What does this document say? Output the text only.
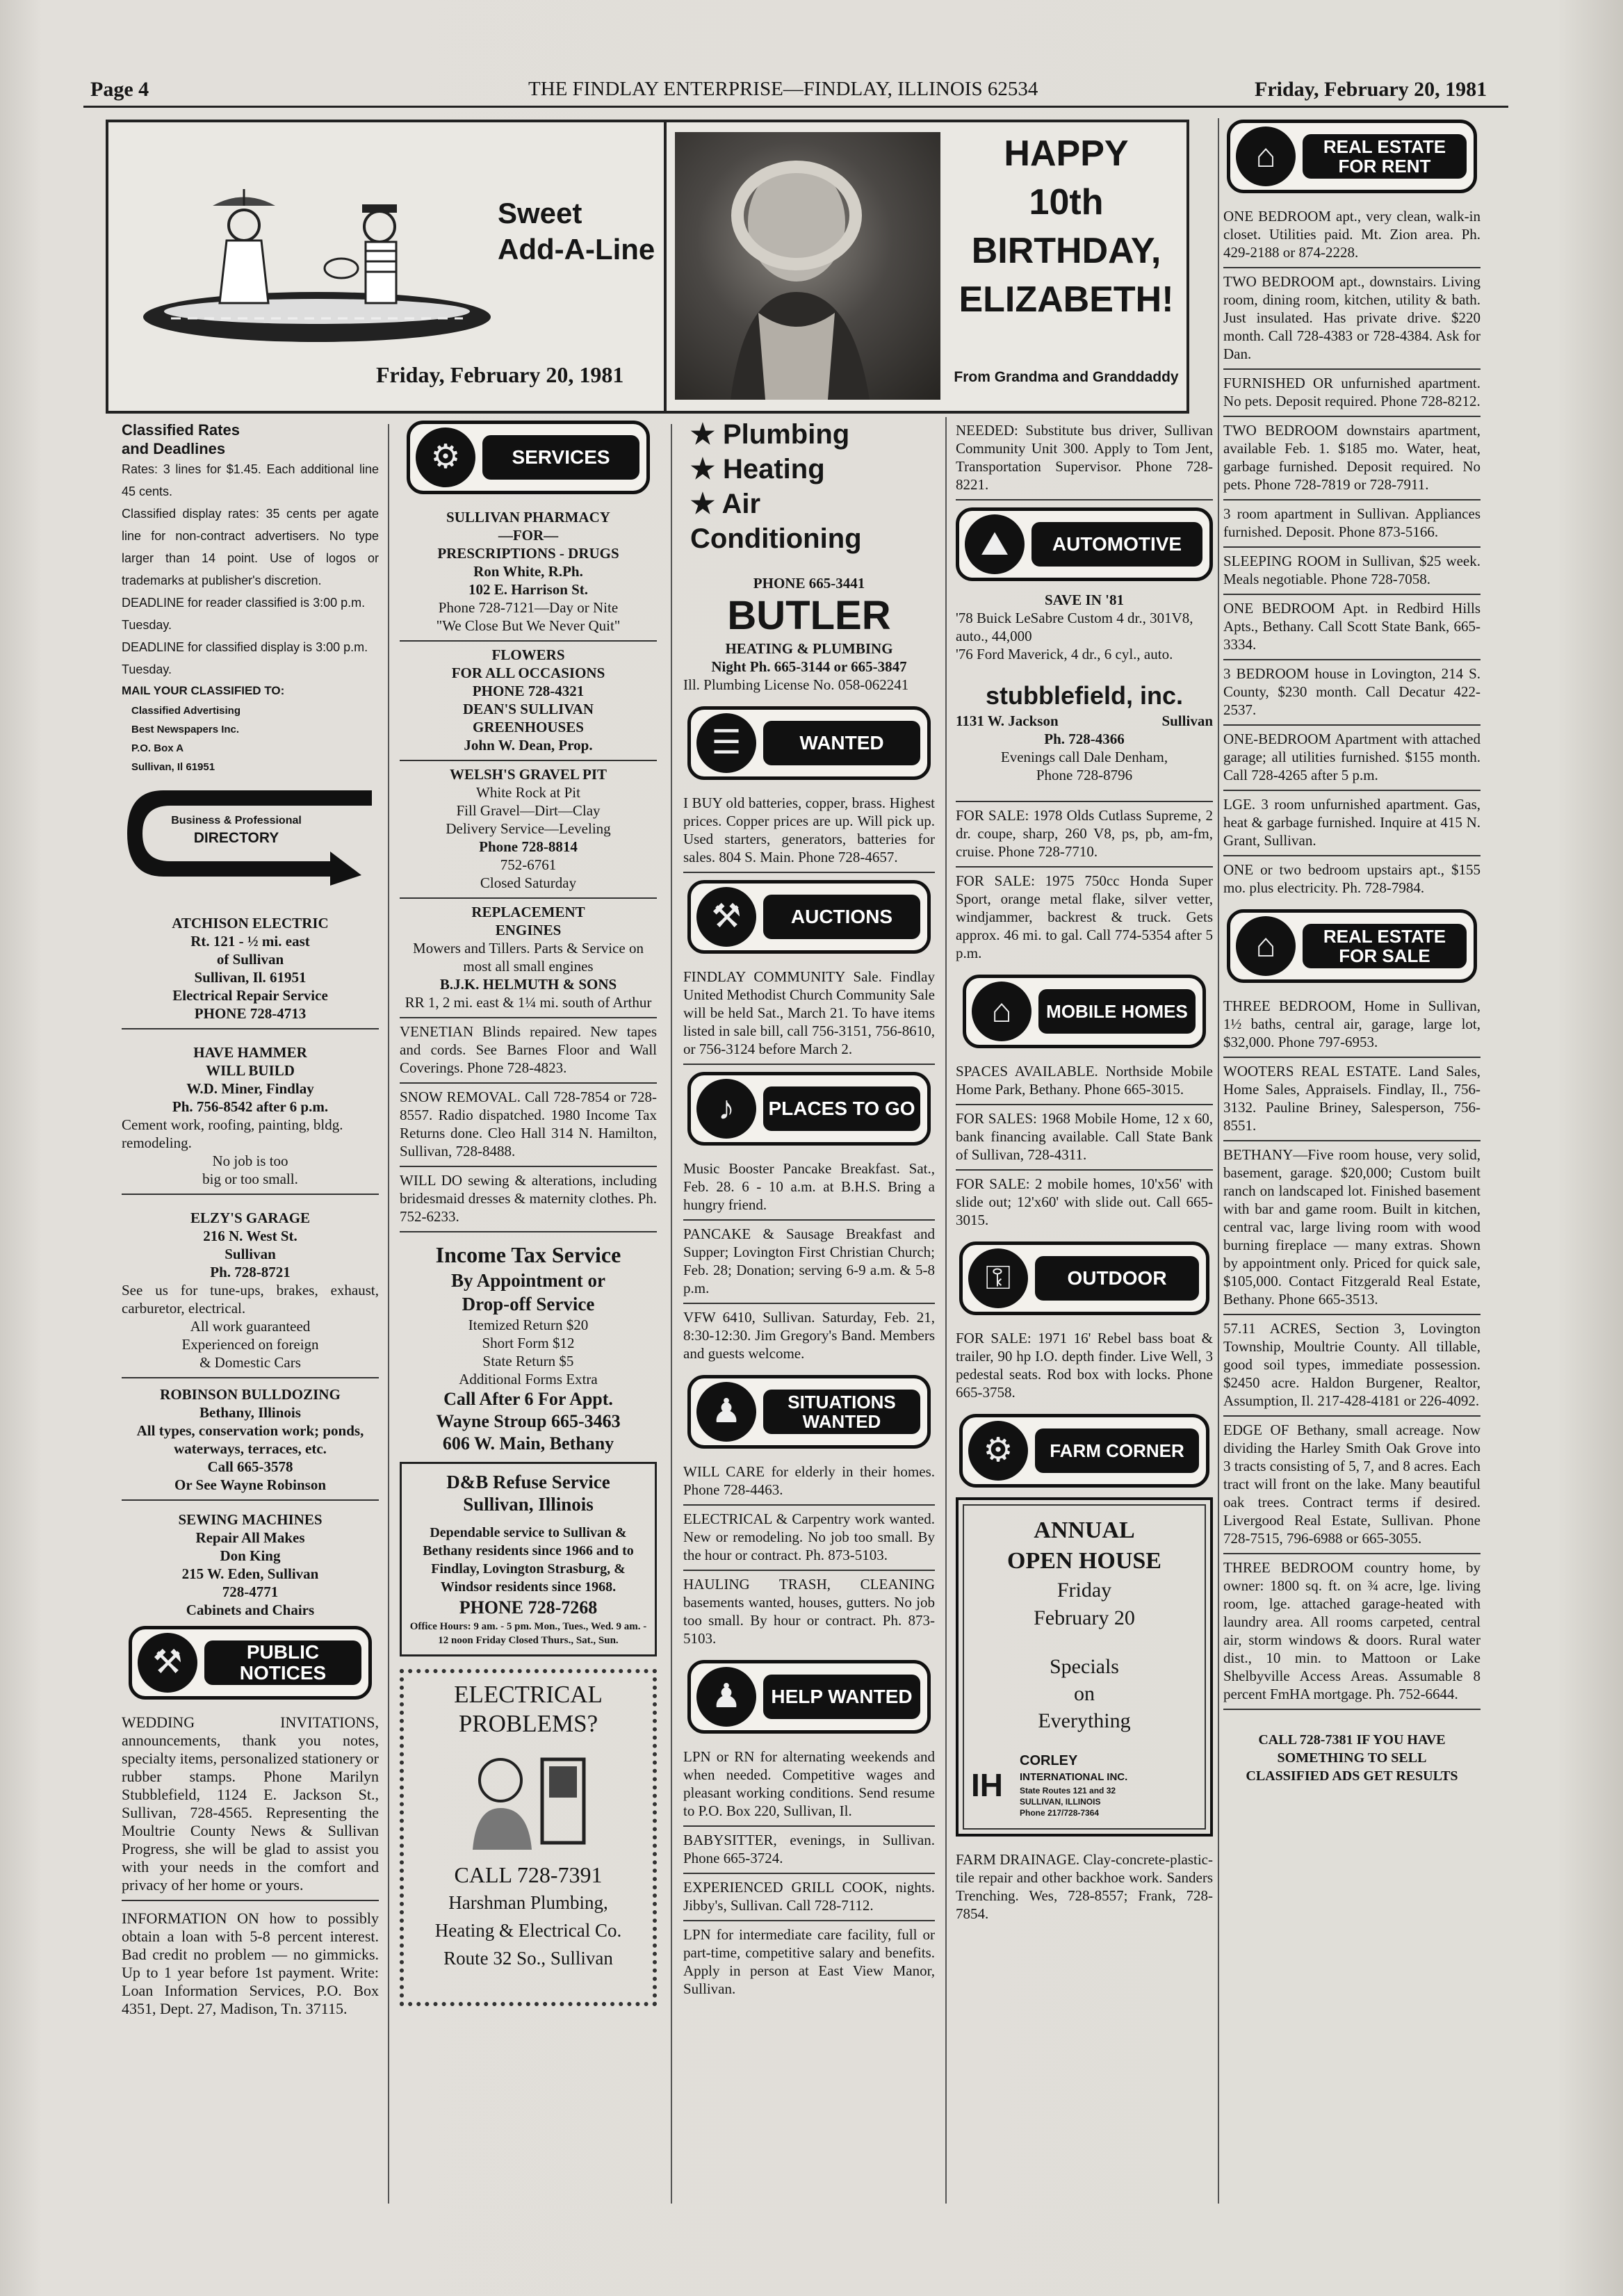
Page 4	THE FINDLAY ENTERPRISE—FINDLAY, ILLINOIS 62534	Friday, February 20, 1981
Sweet
Add-A-Line
Friday, February 20, 1981
HAPPY
10th
BIRTHDAY,
ELIZABETH!
From Grandma and Granddaddy
Classified Rates
and Deadlines
Rates: 3 lines for $1.45. Each additional line 45 cents.
Classified display rates: 35 cents per agate line for non-contract advertisers. No type larger than 14 point. Use of logos or trademarks at publisher's discretion.
DEADLINE for reader classified is 3:00 p.m. Tuesday.
DEADLINE for classified display is 3:00 p.m. Tuesday.
MAIL YOUR CLASSIFIED TO:
Classified Advertising
Best Newspapers Inc.
P.O. Box A
Sullivan, Il 61951
Business & Professional
DIRECTORY
ATCHISON ELECTRIC
Rt. 121 - ½ mi. east
of Sullivan
Sullivan, Il. 61951
Electrical Repair Service
PHONE 728-4713
HAVE HAMMER
WILL BUILD
W.D. Miner, Findlay
Ph. 756-8542 after 6 p.m.
Cement work, roofing, painting, bldg. remodeling.
No job is too
big or too small.
ELZY'S GARAGE
216 N. West St.
Sullivan
Ph. 728-8721
See us for tune-ups, brakes, exhaust, carburetor, electrical.
All work guaranteed
Experienced on foreign
& Domestic Cars
ROBINSON BULLDOZING
Bethany, Illinois
All types, conservation work; ponds, waterways, terraces, etc.
Call 665-3578
Or See Wayne Robinson
SEWING MACHINES
Repair All Makes
Don King
215 W. Eden, Sullivan
728-4771
Cabinets and Chairs
⚒	PUBLIC NOTICES
WEDDING INVITATIONS, announcements, thank you notes, specialty items, personalized stationery or rubber stamps. Phone Marilyn Stubblefield, 1124 E. Jackson St., Sullivan, 728-4565. Representing the Moultrie County News & Sullivan Progress, she will be glad to assist you with your needs in the comfort and privacy of her home or yours.
INFORMATION ON how to possibly obtain a loan with 5-8 percent interest. Bad credit no problem — no gimmicks. Up to 1 year before 1st payment. Write: Loan Information Services, P.O. Box 4351, Dept. 27, Madison, Tn. 37115.
⚙	SERVICES
SULLIVAN PHARMACY
—FOR—
PRESCRIPTIONS - DRUGS
Ron White, R.Ph.
102 E. Harrison St.
Phone 728-7121—Day or Nite
"We Close But We Never Quit"
FLOWERS
FOR ALL OCCASIONS
PHONE 728-4321
DEAN'S SULLIVAN
GREENHOUSES
John W. Dean, Prop.
WELSH'S GRAVEL PIT
White Rock at Pit
Fill Gravel—Dirt—Clay
Delivery Service—Leveling
Phone 728-8814
752-6761
Closed Saturday
REPLACEMENT
ENGINES
Mowers and Tillers. Parts & Service on most all small engines
B.J.K. HELMUTH & SONS
RR 1, 2 mi. east & 1¼ mi. south of Arthur
VENETIAN Blinds repaired. New tapes and cords. See Barnes Floor and Wall Coverings. Phone 728-4823.
SNOW REMOVAL. Call 728-7854 or 728-8557. Radio dispatched. 1980 Income Tax Returns done. Cleo Hall 314 N. Hamilton, Sullivan, 728-8488.
WILL DO sewing & alterations, including bridesmaid dresses & maternity clothes. Ph. 752-6233.
Income Tax Service
By Appointment or
Drop-off Service
Itemized Return $20
Short Form $12
State Return $5
Additional Forms Extra
Call After 6 For Appt.
Wayne Stroup 665-3463
606 W. Main, Bethany
D&B Refuse Service
Sullivan, Illinois
Dependable service to Sullivan & Bethany residents since 1966 and to Findlay, Lovington Strasburg, & Windsor residents since 1968.
PHONE 728-7268
Office Hours: 9 am. - 5 pm. Mon., Tues., Wed. 9 am. - 12 noon Friday Closed Thurs., Sat., Sun.
ELECTRICAL
PROBLEMS?
CALL 728-7391
Harshman Plumbing,
Heating & Electrical Co.
Route 32 So., Sullivan
★ Plumbing
★ Heating
★ Air Conditioning
PHONE 665-3441
BUTLER
HEATING & PLUMBING
Night Ph. 665-3144 or 665-3847
Ill. Plumbing License No. 058-062241
☰	WANTED
I BUY old batteries, copper, brass. Highest prices. Copper prices are up. Will pick up. Used starters, generators, batteries for sales. 804 S. Main. Phone 728-4657.
⚒	AUCTIONS
FINDLAY COMMUNITY Sale. Findlay United Methodist Church Community Sale will be held Sat., March 21. To have items listed in sale bill, call 756-3151, 756-8610, or 756-3124 before March 2.
♪	PLACES TO GO
Music Booster Pancake Breakfast. Sat., Feb. 28. 6 - 10 a.m. at B.H.S. Bring a hungry friend.
PANCAKE & Sausage Breakfast and Supper; Lovington First Christian Church; Feb. 28; Donation; serving 6-9 a.m. & 5-8 p.m.
VFW 6410, Sullivan. Saturday, Feb. 21, 8:30-12:30. Jim Gregory's Band. Members and guests welcome.
♟	SITUATIONS WANTED
WILL CARE for elderly in their homes. Phone 728-4463.
ELECTRICAL & Carpentry work wanted. New or remodeling. No job too small. By the hour or contract. Ph. 873-5103.
HAULING TRASH, CLEANING basements wanted, houses, gutters. No job too small. By hour or contract. Ph. 873-5103.
♟	HELP WANTED
LPN or RN for alternating weekends and when needed. Competitive wages and pleasant working conditions. Send resume to P.O. Box 220, Sullivan, Il.
BABYSITTER, evenings, in Sullivan. Phone 665-3724.
EXPERIENCED GRILL COOK, nights. Jibby's, Sullivan. Call 728-7112.
LPN for intermediate care facility, full or part-time, competitive salary and benefits. Apply in person at East View Manor, Sullivan.
NEEDED: Substitute bus driver, Sullivan Community Unit 300. Apply to Tom Jent, Transportation Supervisor. Phone 728-8221.
⛰	AUTOMOTIVE
SAVE IN '81
'78 Buick LeSabre Custom 4 dr., 301V8, auto., 44,000
'76 Ford Maverick, 4 dr., 6 cyl., auto.
stubblefield, inc.
1131 W. Jackson	Sullivan
Ph. 728-4366
Evenings call Dale Denham,
Phone 728-8796
FOR SALE: 1978 Olds Cutlass Supreme, 2 dr. coupe, sharp, 260 V8, ps, pb, am-fm, cruise. Phone 728-7710.
FOR SALE: 1975 750cc Honda Super Sport, orange metal flake, silver vetter, windjammer, backrest & truck. Gets approx. 46 mi. to gal. Call 774-5354 after 5 p.m.
⌂	MOBILE HOMES
SPACES AVAILABLE. Northside Mobile Home Park, Bethany. Phone 665-3015.
FOR SALES: 1968 Mobile Home, 12 x 60, bank financing available. Call State Bank of Sullivan, 728-4311.
FOR SALE: 2 mobile homes, 10'x56' with slide out; 12'x60' with slide out. Call 665-3015.
⚿	OUTDOOR
FOR SALE: 1971 16' Rebel bass boat & trailer, 90 hp I.O. depth finder. Live Well, 3 pedestal seats. Rod box with locks. Phone 665-3758.
⚙	FARM CORNER
ANNUAL
OPEN HOUSE
Friday
February 20
Specials
on
Everything
IH
CORLEY
INTERNATIONAL INC.
State Routes 121 and 32
SULLIVAN, ILLINOIS
Phone 217/728-7364
FARM DRAINAGE. Clay-concrete-plastic-tile repair and other backhoe work. Sanders Trenching. Wes, 728-8557; Frank, 728-7854.
⌂	REAL ESTATE FOR RENT
ONE BEDROOM apt., very clean, walk-in closet. Utilities paid. Mt. Zion area. Ph. 429-2188 or 874-2228.
TWO BEDROOM apt., downstairs. Living room, dining room, kitchen, utility & bath. Just insulated. Has private drive. $220 month. Call 728-4383 or 728-4384. Ask for Dan.
FURNISHED OR unfurnished apartment. No pets. Deposit required. Phone 728-8212.
TWO BEDROOM downstairs apartment, available Feb. 1. $185 mo. Water, heat, garbage furnished. Deposit required. No pets. Phone 728-7819 or 728-7911.
3 room apartment in Sullivan. Appliances furnished. Deposit. Phone 873-5166.
SLEEPING ROOM in Sullivan, $25 week. Meals negotiable. Phone 728-7058.
ONE BEDROOM Apt. in Redbird Hills Apts., Bethany. Call Scott State Bank, 665-3334.
3 BEDROOM house in Lovington, 214 S. County, $230 month. Call Decatur 422-2537.
ONE-BEDROOM Apartment with attached garage; all utilities furnished. $155 month. Call 728-4265 after 5 p.m.
LGE. 3 room unfurnished apartment. Gas, heat & garbage furnished. Inquire at 415 N. Grant, Sullivan.
ONE or two bedroom upstairs apt., $155 mo. plus electricity. Ph. 728-7984.
⌂	REAL ESTATE FOR SALE
THREE BEDROOM, Home in Sullivan, 1½ baths, central air, garage, large lot, $32,000. Phone 797-6953.
WOOTERS REAL ESTATE. Land Sales, Home Sales, Appraisels. Findlay, Il., 756-3132. Pauline Briney, Salesperson, 756-8551.
BETHANY—Five room house, very solid, basement, garage. $20,000; Custom built ranch on landscaped lot. Finished basement with bar and game room. Built in kitchen, central vac, large living room with wood burning fireplace — many extras. Shown by appointment only. Priced for quick sale, $105,000. Contact Fitzgerald Real Estate, Bethany. Phone 665-3513.
57.11 ACRES, Section 3, Lovington Township, Moultrie County. All tillable, good soil types, immediate possession. $2450 acre. Haldon Burgener, Realtor, Assumption, Il. 217-428-4181 or 226-4092.
EDGE OF Bethany, small acreage. Now dividing the Harley Smith Oak Grove into 3 tracts consisting of 5, 7, and 8 acres. Each tract will front on the lake. Many beautiful oak trees. Contract terms if desired. Livergood Real Estate, Sullivan. Phone 728-7515, 796-6988 or 665-3055.
THREE BEDROOM country home, by owner: 1800 sq. ft. on ¾ acre, lge. living room, lge. attached garage-heated with laundry area. All rooms carpeted, central air, storm windows & doors. Rural water dist., 10 min. to Mattoon or Lake Shelbyville Access Areas. Assumable 8 percent FmHA mortgage. Ph. 752-6644.
CALL 728-7381 IF YOU HAVE
SOMETHING TO SELL
CLASSIFIED ADS GET RESULTS
